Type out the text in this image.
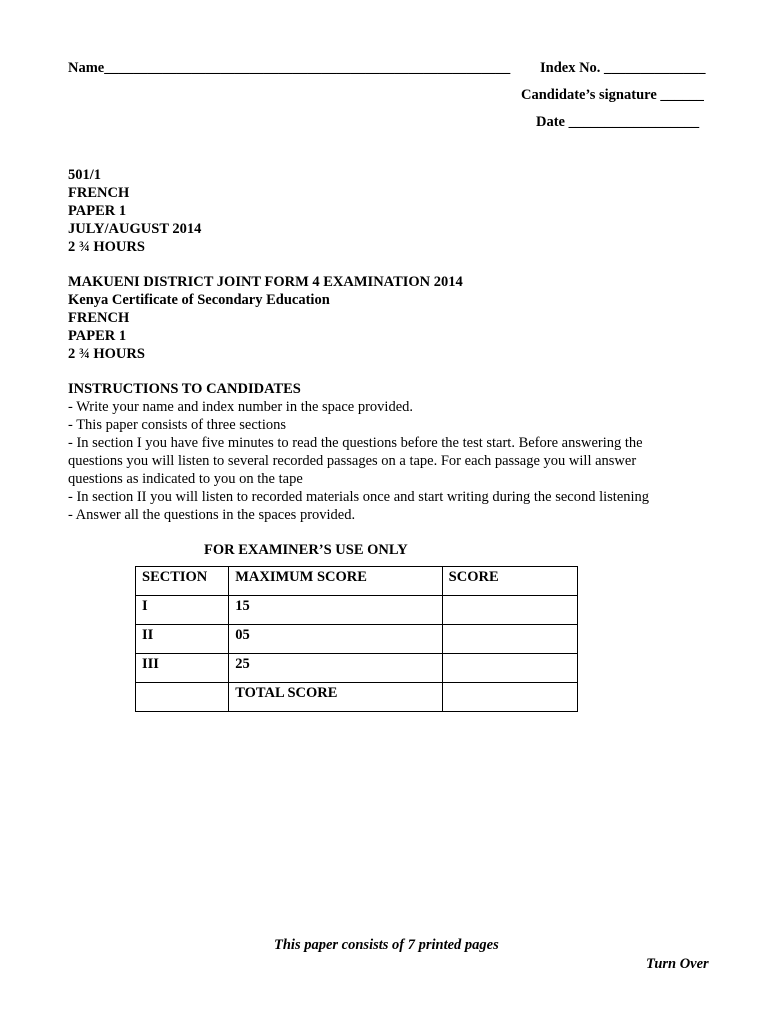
Name________________________________________________________ Index No. ______________
Candidate’s signature ______
Date __________________
501/1
FRENCH
PAPER 1
JULY/AUGUST 2014
2 ¾ HOURS
MAKUENI DISTRICT JOINT FORM 4 EXAMINATION 2014
Kenya Certificate of Secondary Education
FRENCH
PAPER 1
2 ¾ HOURS
INSTRUCTIONS TO CANDIDATES
- Write your name and index number in the space provided.
- This paper consists of three sections
- In section I you have five minutes to read the questions before the test start. Before answering the
questions you will listen to several recorded passages on a tape. For each passage you will answer
questions as indicated to you on the tape
- In section II you will listen to recorded materials once and start writing during the second listening
- Answer all the questions in the spaces provided.
FOR EXAMINER’S USE ONLY
SECTION	MAXIMUM SCORE	SCORE
I	15	
II	05	
III	25	
	TOTAL SCORE	
This paper consists of 7 printed pages
Turn Over
